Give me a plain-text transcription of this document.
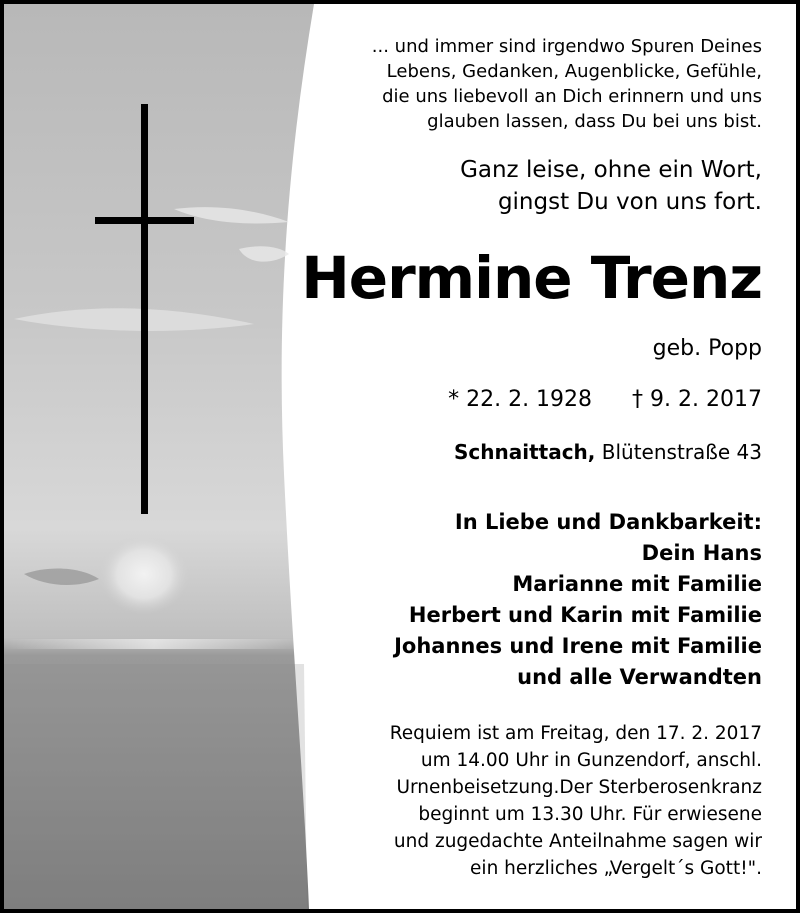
... und immer sind irgendwo Spuren Deines
Lebens, Gedanken, Augenblicke, Gefühle,
die uns liebevoll an Dich erinnern und uns
glauben lassen, dass Du bei uns bist.
Ganz leise, ohne ein Wort,
gingst Du von uns fort.
Hermine Trenz
geb. Popp
* 22. 2. 1928 † 9. 2. 2017
Schnaittach, Blütenstraße 43
In Liebe und Dankbarkeit:
Dein Hans
Marianne mit Familie
Herbert und Karin mit Familie
Johannes und Irene mit Familie
und alle Verwandten
Requiem ist am Freitag, den 17. 2. 2017
um 14.00 Uhr in Gunzendorf, anschl.
Urnenbeisetzung.Der Sterberosenkranz
beginnt um 13.30 Uhr. Für erwiesene
und zugedachte Anteilnahme sagen wir
ein herzliches „Vergelt´s Gott!".
